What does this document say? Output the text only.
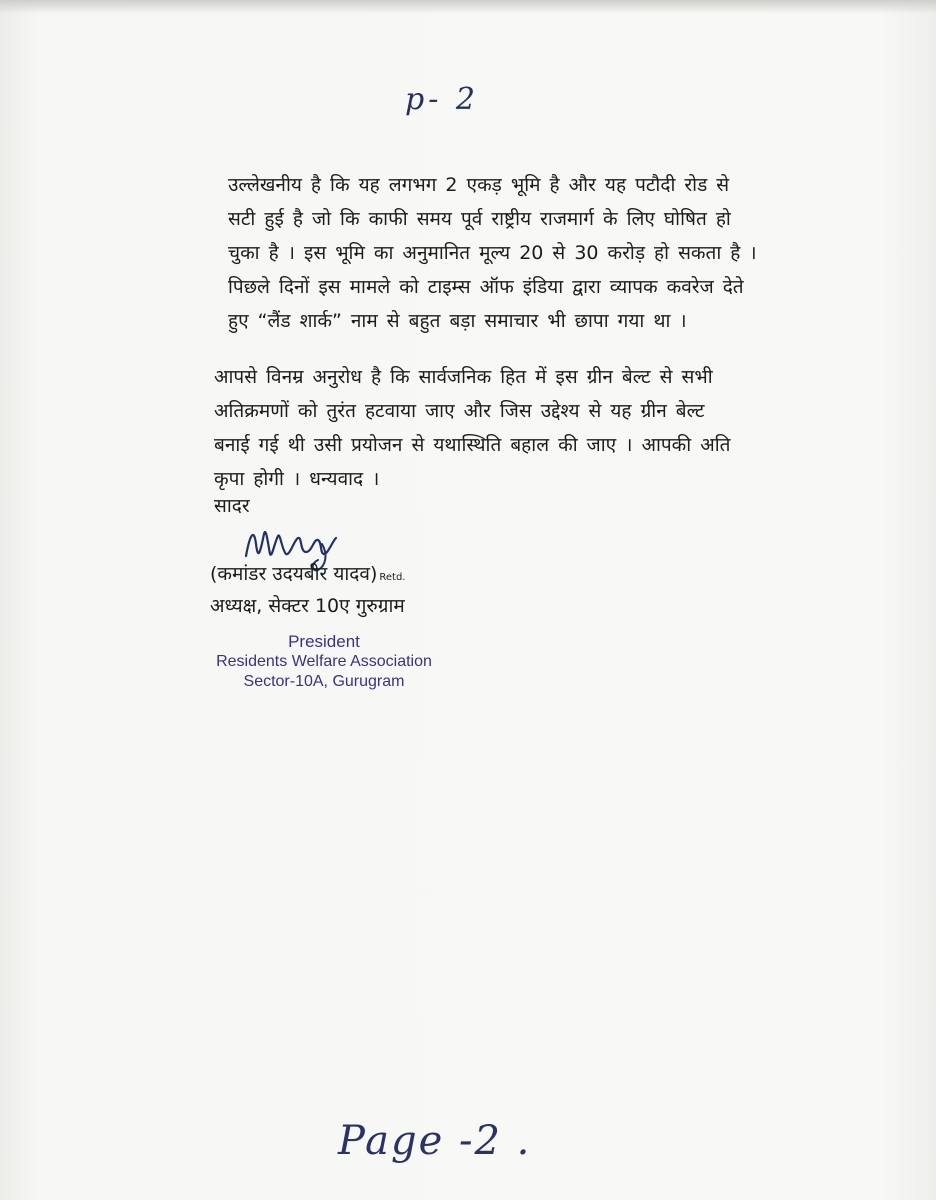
p- 2
उल्लेखनीय है कि यह लगभग 2 एकड़ भूमि है और यह पटौदी रोड से
सटी हुई है जो कि काफी समय पूर्व राष्ट्रीय राजमार्ग के लिए घोषित हो
चुका है । इस भूमि का अनुमानित मूल्य 20 से 30 करोड़ हो सकता है ।
पिछले दिनों इस मामले को टाइम्स ऑफ इंडिया द्वारा व्यापक कवरेज देते
हुए “लैंड शार्क” नाम से बहुत बड़ा समाचार भी छापा गया था ।
आपसे विनम्र अनुरोध है कि सार्वजनिक हित में इस ग्रीन बेल्ट से सभी
अतिक्रमणों को तुरंत हटवाया जाए और जिस उद्देश्य से यह ग्रीन बेल्ट
बनाई गई थी उसी प्रयोजन से यथास्थिति बहाल की जाए । आपकी अति
कृपा होगी । धन्यवाद ।
सादर
(कमांडर उदयबीर यादव) Retd.
अध्यक्ष, सेक्टर 10ए गुरुग्राम
President
Residents Welfare Association
Sector-10A, Gurugram
Page -2 .
